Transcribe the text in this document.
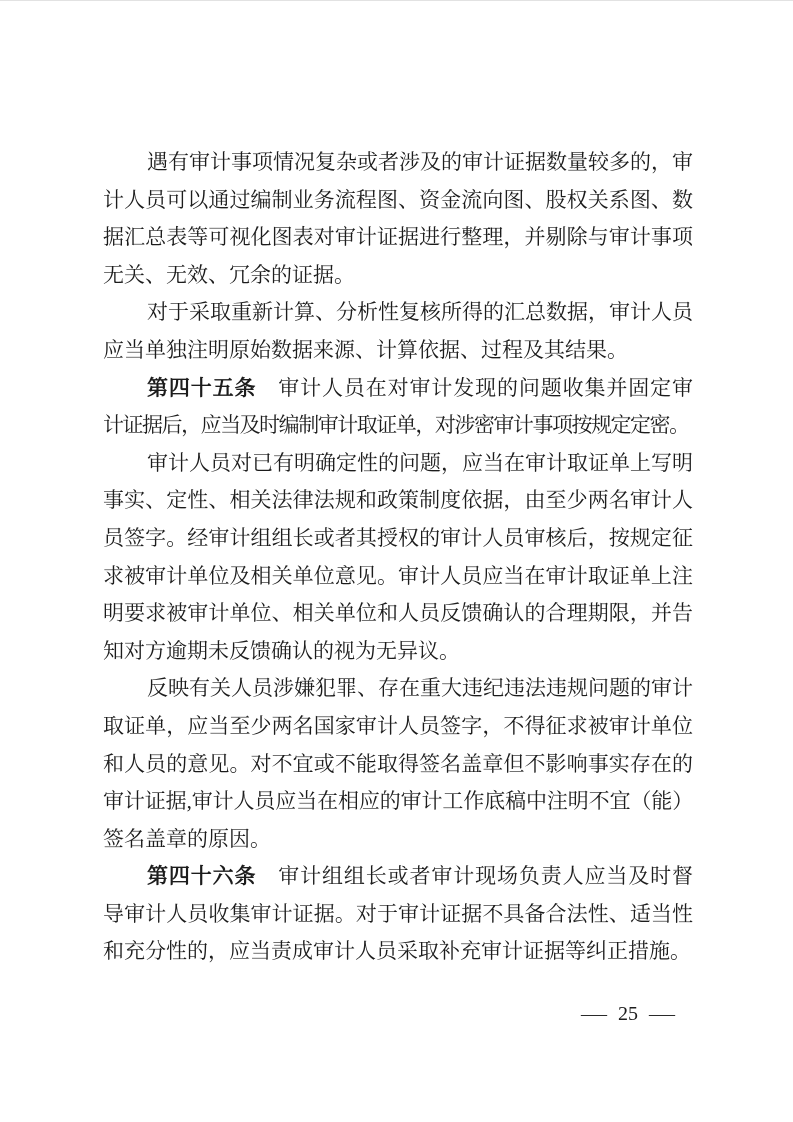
遇有审计事项情况复杂或者涉及的审计证据数量较多的，审
计人员可以通过编制业务流程图、资金流向图、股权关系图、数
据汇总表等可视化图表对审计证据进行整理，并剔除与审计事项
无关、无效、冗余的证据。
对于采取重新计算、分析性复核所得的汇总数据，审计人员
应当单独注明原始数据来源、计算依据、过程及其结果。
第四十五条 审计人员在对审计发现的问题收集并固定审
计证据后，应当及时编制审计取证单，对涉密审计事项按规定定密。
审计人员对已有明确定性的问题，应当在审计取证单上写明
事实、定性、相关法律法规和政策制度依据，由至少两名审计人
员签字。经审计组组长或者其授权的审计人员审核后，按规定征
求被审计单位及相关单位意见。审计人员应当在审计取证单上注
明要求被审计单位、相关单位和人员反馈确认的合理期限，并告
知对方逾期未反馈确认的视为无异议。
反映有关人员涉嫌犯罪、存在重大违纪违法违规问题的审计
取证单，应当至少两名国家审计人员签字，不得征求被审计单位
和人员的意见。对不宜或不能取得签名盖章但不影响事实存在的
审计证据,审计人员应当在相应的审计工作底稿中注明不宜（能）
签名盖章的原因。
第四十六条 审计组组长或者审计现场负责人应当及时督
导审计人员收集审计证据。对于审计证据不具备合法性、适当性
和充分性的，应当责成审计人员采取补充审计证据等纠正措施。
— 25 —
